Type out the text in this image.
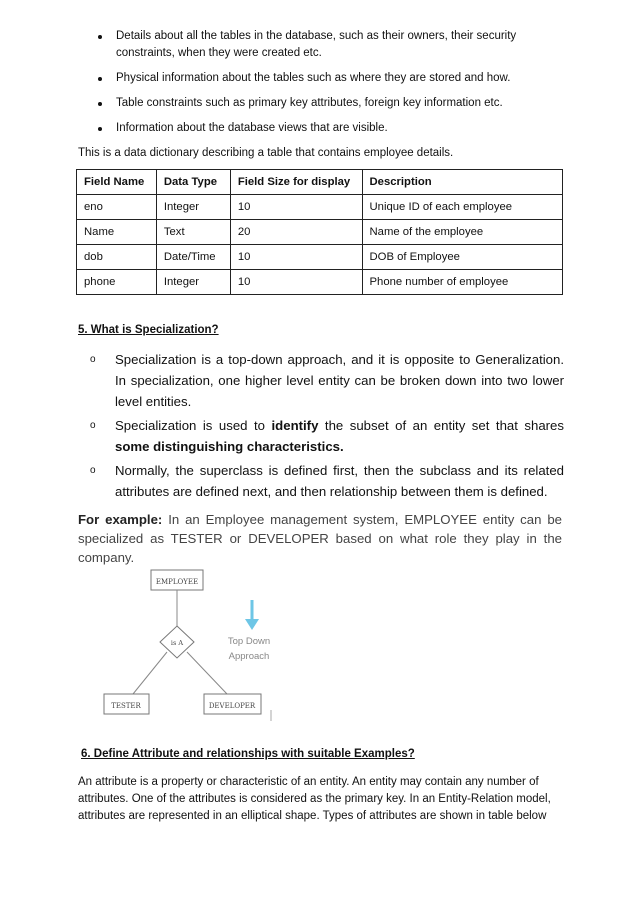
Details about all the tables in the database, such as their owners, their security constraints, when they were created etc.
Physical information about the tables such as where they are stored and how.
Table constraints such as primary key attributes, foreign key information etc.
Information about the database views that are visible.
This is a data dictionary describing a table that contains employee details.
Field Name	Data Type	Field Size for display	Description
eno	Integer	10	Unique ID of each employee
Name	Text	20	Name of the employee
dob	Date/Time	10	DOB of Employee
phone	Integer	10	Phone number of employee
5. What is Specialization?
o Specialization is a top-down approach, and it is opposite to Generalization. In specialization, one higher level entity can be broken down into two lower level entities.
o Specialization is used to identify the subset of an entity set that shares some distinguishing characteristics.
o Normally, the superclass is defined first, then the subclass and its related attributes are defined next, and then relationship between them is defined.
For example: In an Employee management system, EMPLOYEE entity can be specialized as TESTER or DEVELOPER based on what role they play in the company.
EMPLOYEE
is A
TESTER	DEVELOPER
Top Down
Approach
6. Define Attribute and relationships with suitable Examples?
An attribute is a property or characteristic of an entity. An entity may contain any number of attributes. One of the attributes is considered as the primary key. In an Entity-Relation model, attributes are represented in an elliptical shape. Types of attributes are shown in table below
